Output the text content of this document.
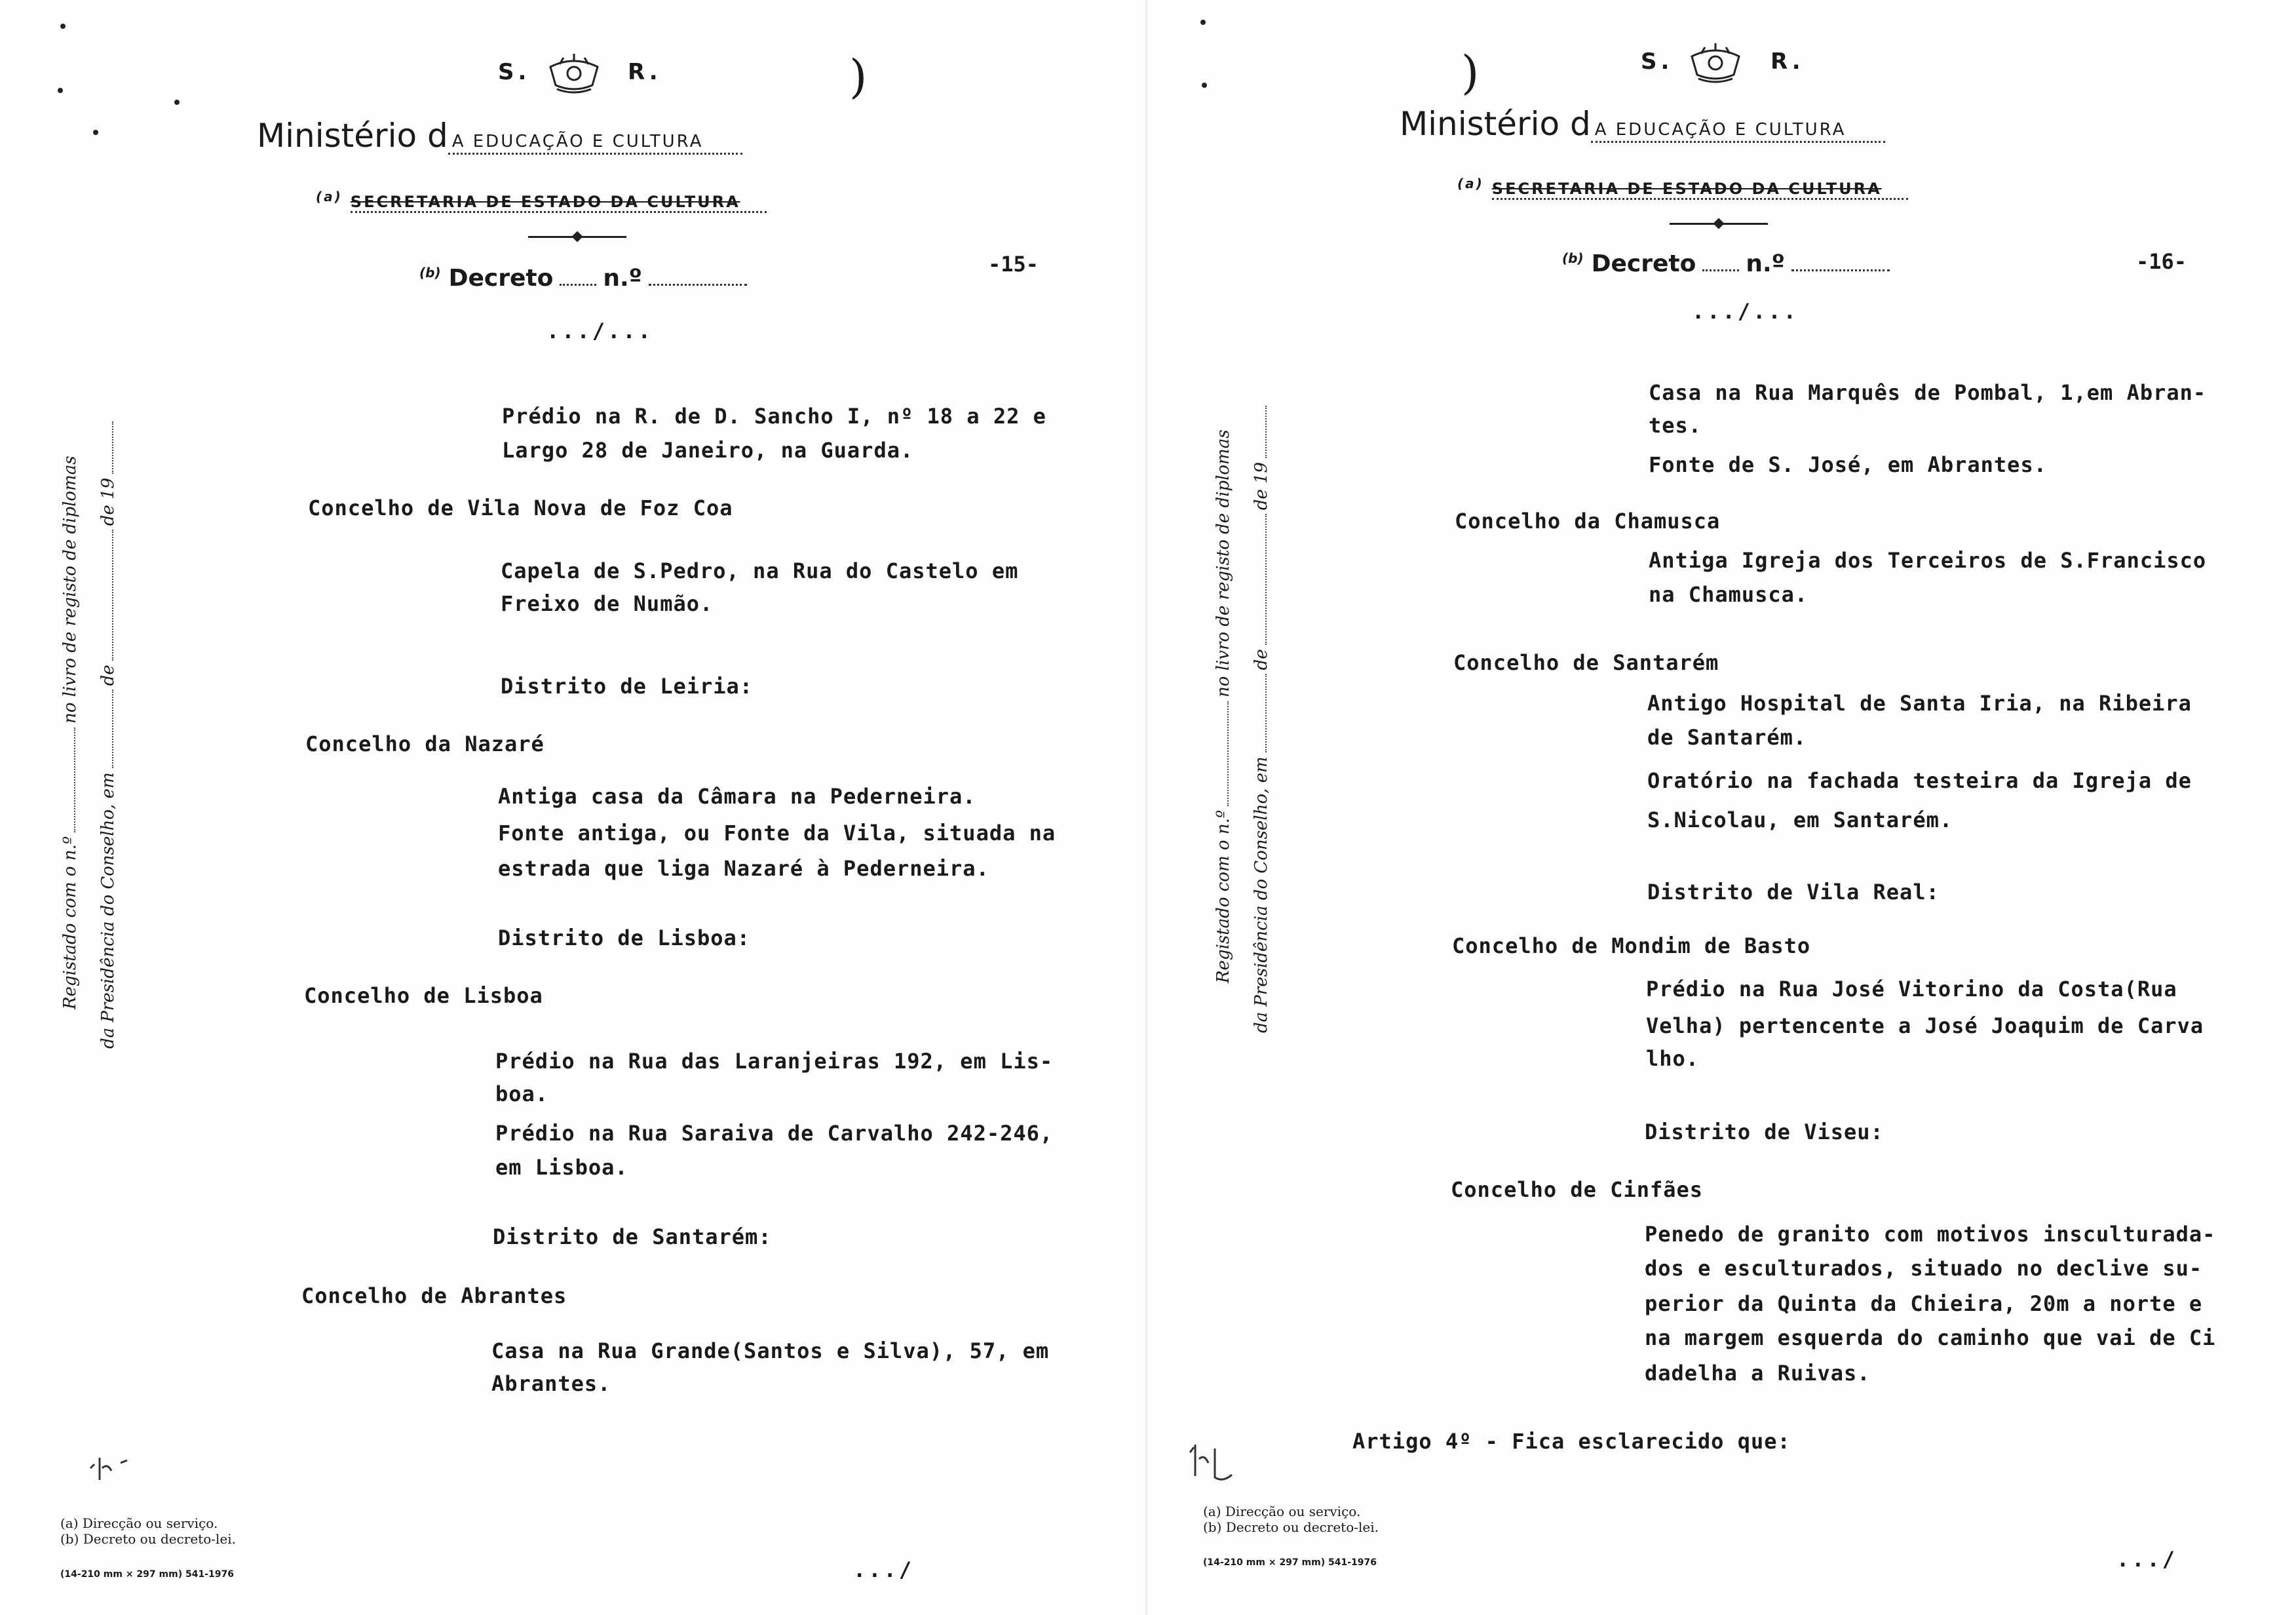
S.	R.	)
Ministério d A EDUCAÇÃO E CULTURA
$^{(a)}$ SECRETARIA DE ESTADO DA CULTURA
$^{(b)}$ Decreto n.º
-15-
.../...
Registado com o n.ºno livro de registo de diplomas
da Presidência do Conselho, emdede 19
Prédio na R. de D. Sancho I, nº 18 a 22 e
Largo 28 de Janeiro, na Guarda.
Concelho de Vila Nova de Foz Coa
Capela de S.Pedro, na Rua do Castelo em
Freixo de Numão.
Distrito de Leiria:
Concelho da Nazaré
Antiga casa da Câmara na Pederneira.
Fonte antiga, ou Fonte da Vila, situada na
estrada que liga Nazaré à Pederneira.
Distrito de Lisboa:
Concelho de Lisboa
Prédio na Rua das Laranjeiras 192, em Lis-
boa.
Prédio na Rua Saraiva de Carvalho 242-246,
em Lisboa.
Distrito de Santarém:
Concelho de Abrantes
Casa na Rua Grande(Santos e Silva), 57, em
Abrantes.
(a) Direcção ou serviço.
(b) Decreto ou decreto-lei.
(14-210 mm × 297 mm) 541-1976	.../
)	S.	R.
Ministério d A EDUCAÇÃO E CULTURA
$^{(a)}$ SECRETARIA DE ESTADO DA CULTURA
$^{(b)}$ Decreto n.º	-16-
.../...
Registado com o n.ºno livro de registo de diplomas
da Presidência do Conselho, emdede 19
Casa na Rua Marquês de Pombal, 1,em Abran-
tes.
Fonte de S. José, em Abrantes.
Concelho da Chamusca
Antiga Igreja dos Terceiros de S.Francisco
na Chamusca.
Concelho de Santarém
Antigo Hospital de Santa Iria, na Ribeira
de Santarém.
Oratório na fachada testeira da Igreja de
S.Nicolau, em Santarém.
Distrito de Vila Real:
Concelho de Mondim de Basto
Prédio na Rua José Vitorino da Costa(Rua
Velha) pertencente a José Joaquim de Carva
lho.
Distrito de Viseu:
Concelho de Cinfães
Penedo de granito com motivos insculturada-
dos e esculturados, situado no declive su-
perior da Quinta da Chieira, 20m a norte e
na margem esquerda do caminho que vai de Ci
dadelha a Ruivas.
Artigo 4º - Fica esclarecido que:
(a) Direcção ou serviço.
(b) Decreto ou decreto-lei.
(14-210 mm × 297 mm) 541-1976	.../
